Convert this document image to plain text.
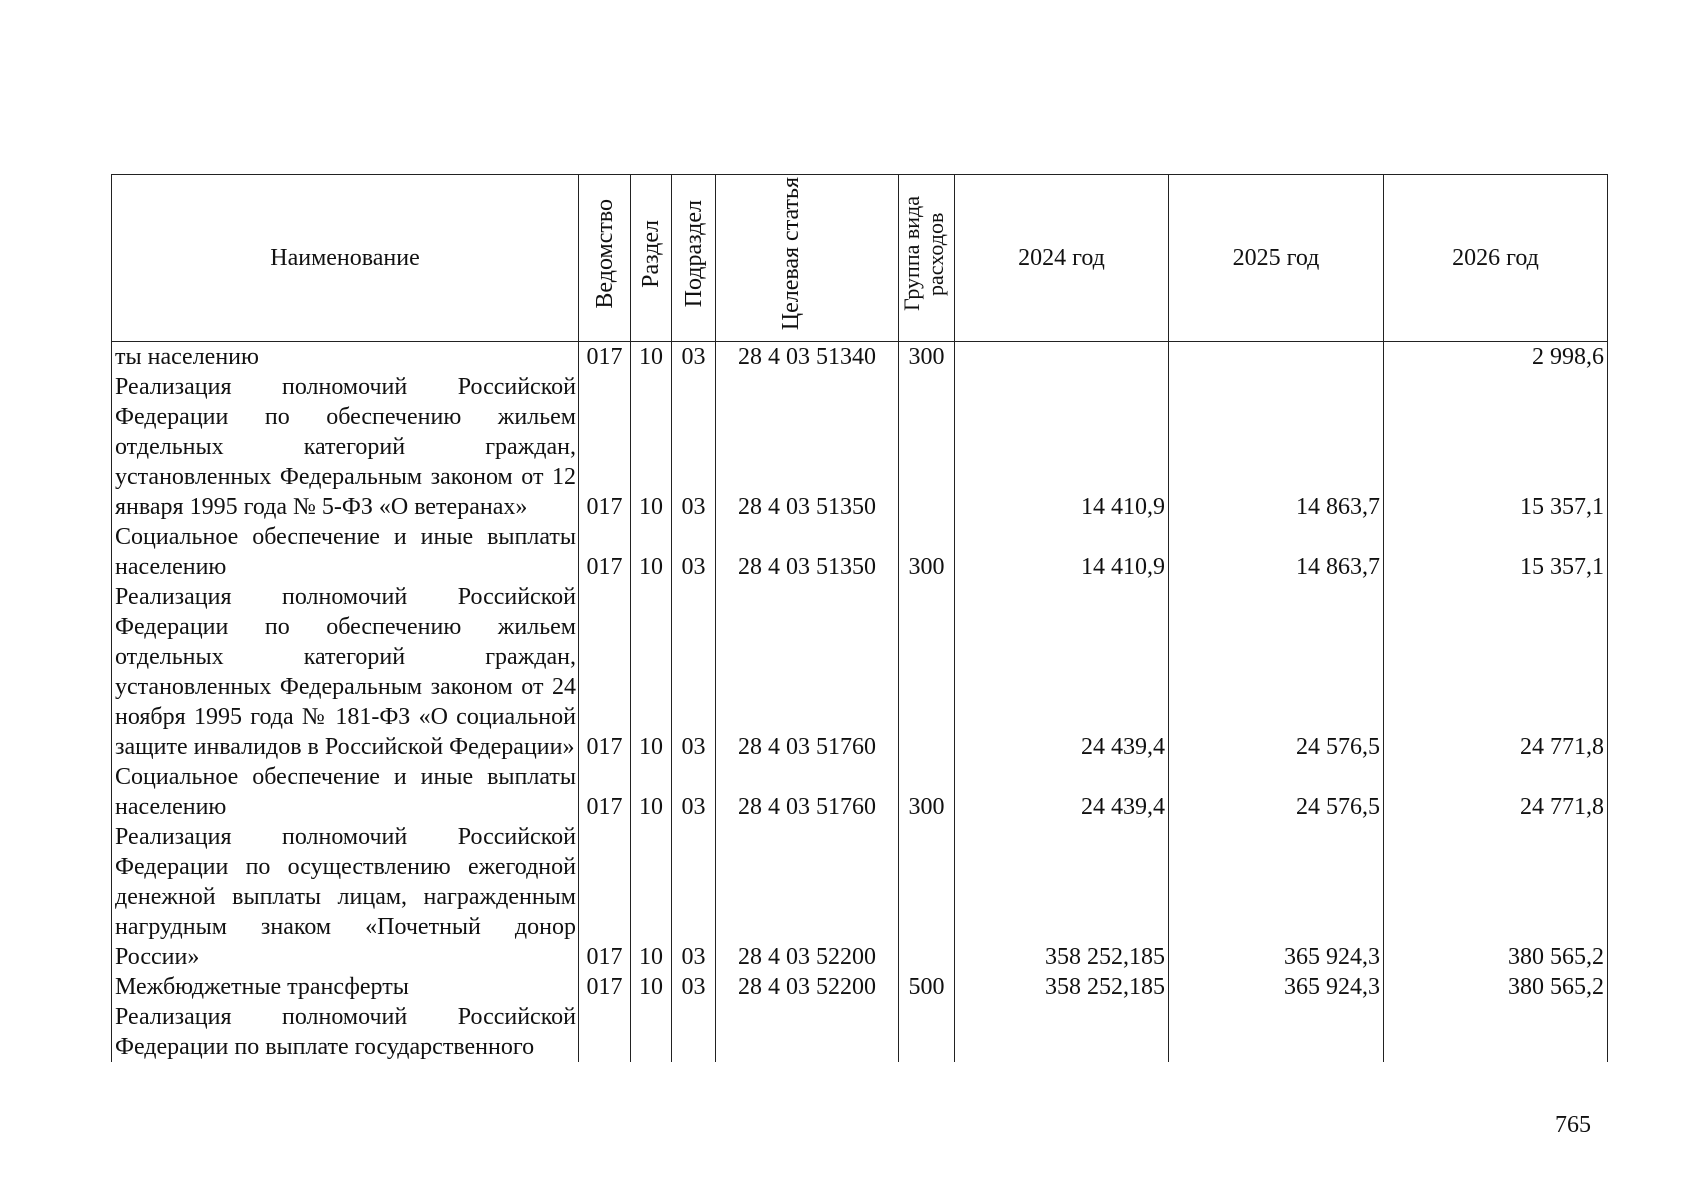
Наименование	Ведомство	Раздел	Подраздел	Целевая статья	Группа вида расходов	2024 год	2025 год	2026 год
ты населению	017	10	03	28 4 03 51340	300			2 998,6
Реализация полномочий Российской Федерации по обеспечению жильем отдельных категорий граждан, установленных Федеральным законом от 12 января 1995 года № 5-ФЗ «О ветеранах»	017	10	03	28 4 03 51350		14 410,9	14 863,7	15 357,1
Социальное обеспечение и иные выплаты населению	017	10	03	28 4 03 51350	300	14 410,9	14 863,7	15 357,1
Реализация полномочий Российской Федерации по обеспечению жильем отдельных категорий граждан, установленных Федеральным законом от 24 ноября 1995 года № 181-ФЗ «О социальной защите инвалидов в Российской Федерации»	017	10	03	28 4 03 51760		24 439,4	24 576,5	24 771,8
Социальное обеспечение и иные выплаты населению	017	10	03	28 4 03 51760	300	24 439,4	24 576,5	24 771,8
Реализация полномочий Российской Федерации по осуществлению ежегодной денежной выплаты лицам, награжденным нагрудным знаком «Почетный донор России»	017	10	03	28 4 03 52200		358 252,185	365 924,3	380 565,2
Межбюджетные трансферты	017	10	03	28 4 03 52200	500	358 252,185	365 924,3	380 565,2
Реализация полномочий Российской Федерации по выплате государственного								
765
